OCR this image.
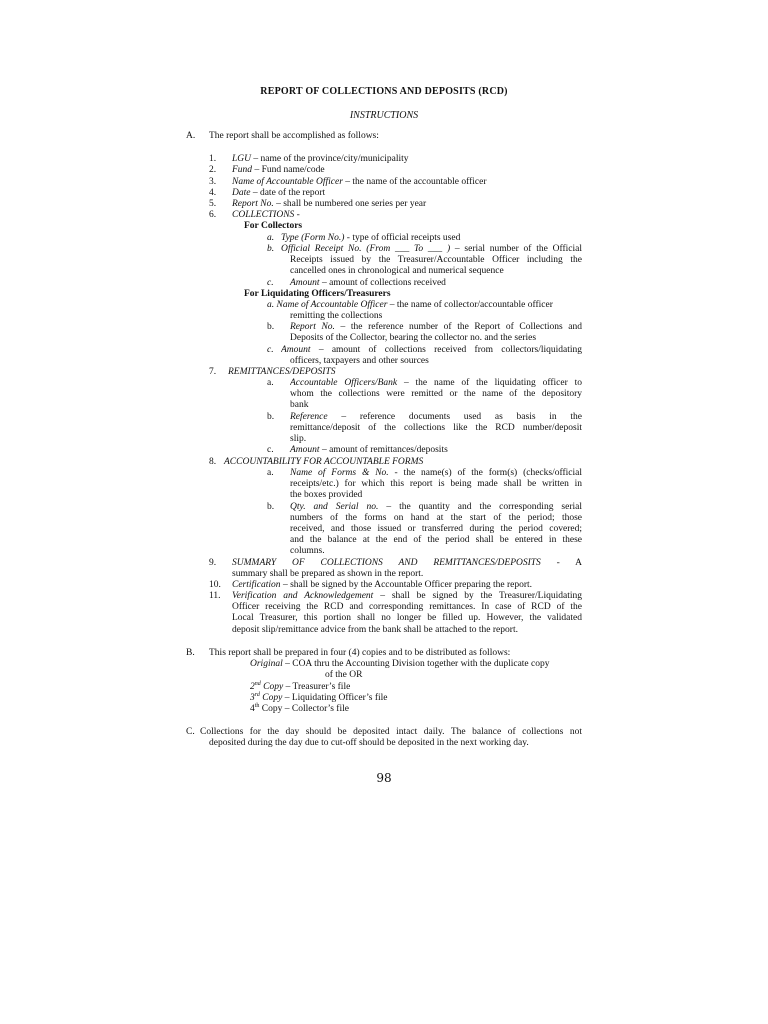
REPORT OF COLLECTIONS AND DEPOSITS (RCD)
INSTRUCTIONS
A. The report shall be accomplished as follows:
1. LGU – name of the province/city/municipality
2. Fund – Fund name/code
3. Name of Accountable Officer – the name of the accountable officer
4. Date – date of the report
5. Report No. – shall be numbered one series per year
6. COLLECTIONS -
For Collectors
a. Type (Form No.) - type of official receipts used
b. Official Receipt No. (From ___ To ___ ) – serial number of the Official
Receipts issued by the Treasurer/Accountable Officer including the
cancelled ones in chronological and numerical sequence
c. Amount – amount of collections received
For Liquidating Officers/Treasurers
a. Name of Accountable Officer – the name of collector/accountable officer
remitting the collections
b. Report No. – the reference number of the Report of Collections and
Deposits of the Collector, bearing the collector no. and the series
c. Amount – amount of collections received from collectors/liquidating
officers, taxpayers and other sources
7. REMITTANCES/DEPOSITS
a. Accountable Officers/Bank – the name of the liquidating officer to
whom the collections were remitted or the name of the depository
bank
b. Reference – reference documents used as basis in the
remittance/deposit of the collections like the RCD number/deposit
slip.
c. Amount – amount of remittances/deposits
8. ACCOUNTABILITY FOR ACCOUNTABLE FORMS
a. Name of Forms & No. - the name(s) of the form(s) (checks/official
receipts/etc.) for which this report is being made shall be written in
the boxes provided
b. Qty. and Serial no. – the quantity and the corresponding serial
numbers of the forms on hand at the start of the period; those
received, and those issued or transferred during the period covered;
and the balance at the end of the period shall be entered in these
columns.
9. SUMMARY OF COLLECTIONS AND REMITTANCES/DEPOSITS - A
summary shall be prepared as shown in the report.
10. Certification – shall be signed by the Accountable Officer preparing the report.
11. Verification and Acknowledgement – shall be signed by the Treasurer/Liquidating
Officer receiving the RCD and corresponding remittances. In case of RCD of the
Local Treasurer, this portion shall no longer be filled up. However, the validated
deposit slip/remittance advice from the bank shall be attached to the report.
B. This report shall be prepared in four (4) copies and to be distributed as follows:
Original – COA thru the Accounting Division together with the duplicate copy
of the OR
2nd Copy – Treasurer’s file
3rd Copy – Liquidating Officer’s file
4th Copy – Collector’s file
C. Collections for the day should be deposited intact daily. The balance of collections not
deposited during the day due to cut-off should be deposited in the next working day.
98
